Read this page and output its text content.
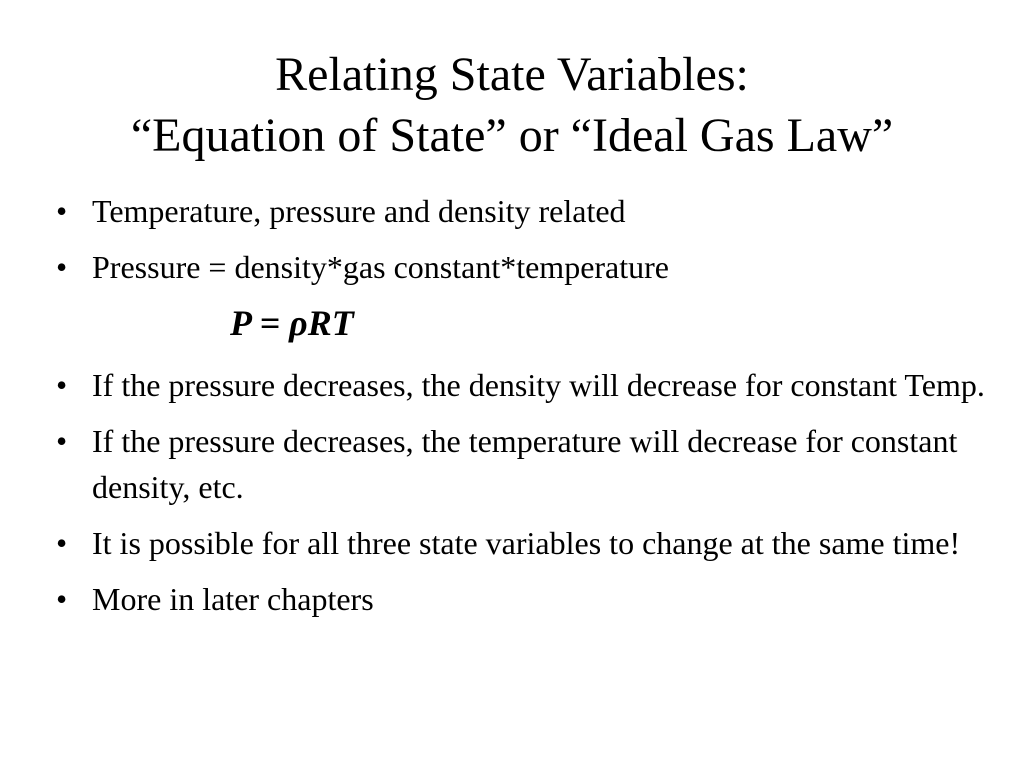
Relating State Variables:
“Equation of State” or “Ideal Gas Law”
• Temperature, pressure and density related
• Pressure = density*gas constant*temperature
P = ρRT
• If the pressure decreases, the density will decrease for constant Temp.
• If the pressure decreases, the temperature will decrease for constant density, etc.
• It is possible for all three state variables to change at the same time!
• More in later chapters
